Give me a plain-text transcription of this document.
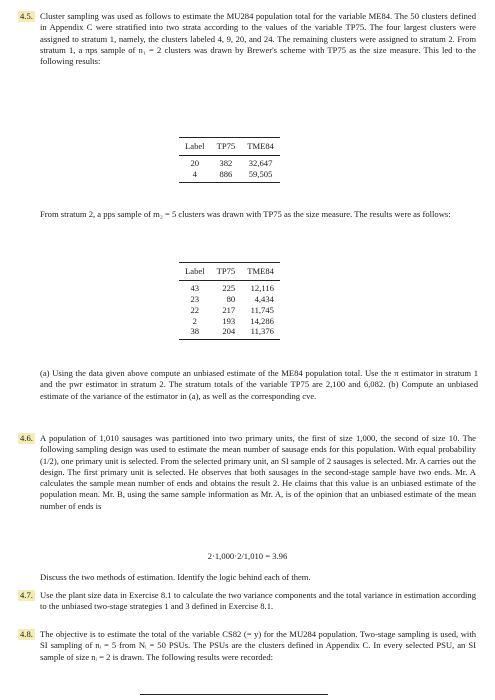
4.5. Cluster sampling was used as follows to estimate the MU284 population total for the variable ME84. The 50 clusters defined in Appendix C were stratified into two strata according to the values of the variable TP75. The four largest clusters were assigned to stratum 1, namely, the clusters labeled 4, 9, 20, and 24. The remaining clusters were assigned to stratum 2. From stratum 1, a πps sample of n₁ = 2 clusters was drawn by Brewer's scheme with TP75 as the size measure. This led to the following results:
Label	TP75	TME84
20	382	32,647
4	886	59,505
From stratum 2, a pps sample of m₂ = 5 clusters was drawn with TP75 as the size measure. The results were as follows:
Label	TP75	TME84
43	225	12,116
23	80	4,434
22	217	11,745
2	193	14,286
38	204	11,376
(a) Using the data given above compute an unbiased estimate of the ME84 population total. Use the π estimator in stratum 1 and the pwr estimator in stratum 2. The stratum totals of the variable TP75 are 2,100 and 6,082. (b) Compute an unbiased estimate of the variance of the estimator in (a), as well as the corresponding cve.
4.6. A population of 1,010 sausages was partitioned into two primary units, the first of size 1,000, the second of size 10. The following sampling design was used to estimate the mean number of sausage ends for this population. With equal probability (1/2), one primary unit is selected. From the selected primary unit, an SI sample of 2 sausages is selected. Mr. A carries out the design. The first primary unit is selected. He observes that both sausages in the second-stage sample have two ends. Mr. A calculates the sample mean number of ends and obtains the result 2. He claims that this value is an unbiased estimate of the population mean. Mr. B, using the same sample information as Mr. A, is of the opinion that an unbiased estimate of the mean number of ends is
2·1,000·2/1,010 = 3.96
Discuss the two methods of estimation. Identify the logic behind each of them.
4.7. Use the plant size data in Exercise 8.1 to calculate the two variance components and the total variance in estimation according to the unbiased two-stage strategies 1 and 3 defined in Exercise 8.1.
4.8. The objective is to estimate the total of the variable CS82 (= y) for the MU284 population. Two-stage sampling is used, with SI sampling of nᵢ = 5 from Nᵢ = 50 PSUs. The PSUs are the clusters defined in Appendix C. In every selected PSU, an SI sample of size nᵢ = 2 is drawn. The following results were recorded:
